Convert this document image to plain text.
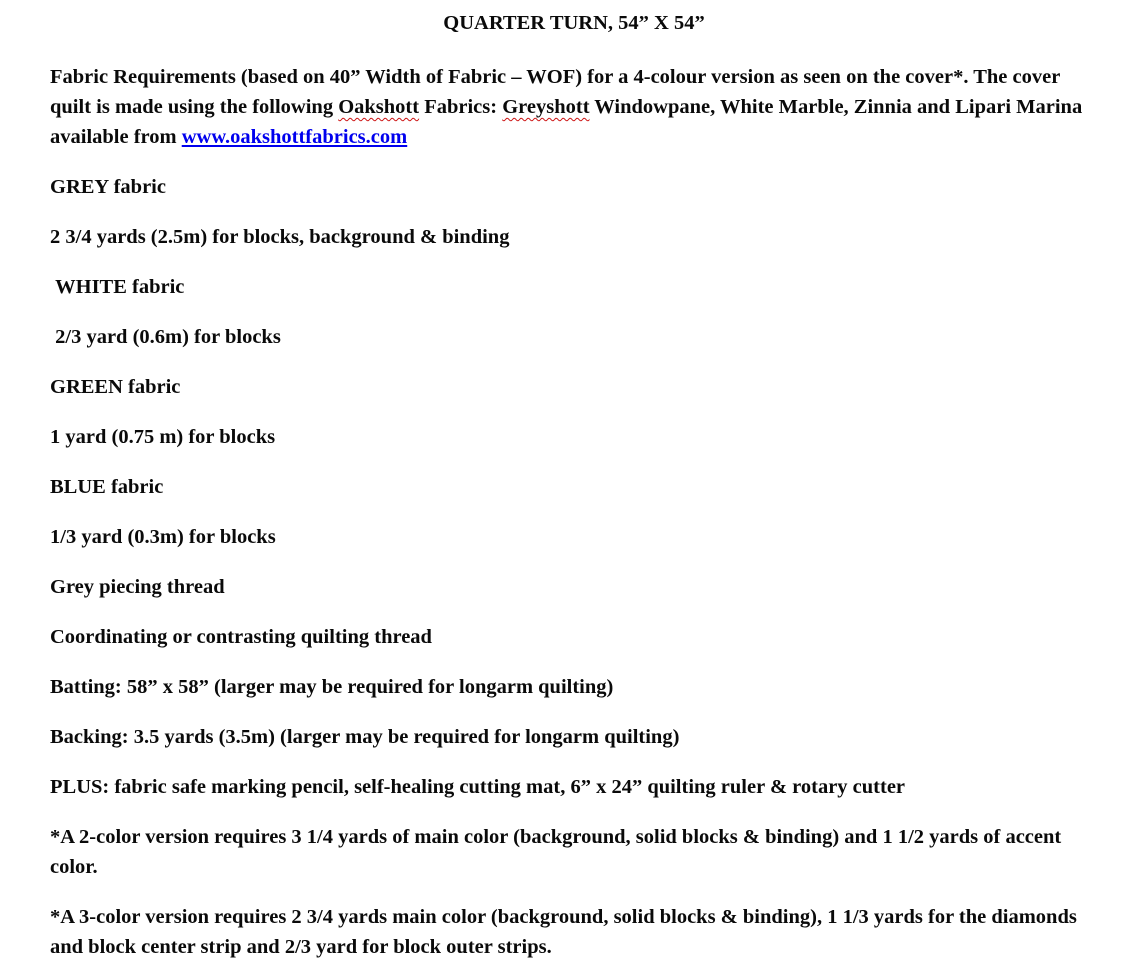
QUARTER TURN, 54” X 54”

Fabric Requirements (based on 40” Width of Fabric – WOF) for a 4-colour version as seen on the cover*. The cover quilt is made using the following Oakshott Fabrics: Greyshott Windowpane, White Marble, Zinnia and Lipari Marina available from www.oakshottfabrics.com

GREY fabric

2 3/4 yards (2.5m) for blocks, background & binding

WHITE fabric

2/3 yard (0.6m) for blocks

GREEN fabric

1 yard (0.75 m) for blocks

BLUE fabric

1/3 yard (0.3m) for blocks

Grey piecing thread

Coordinating or contrasting quilting thread

Batting: 58” x 58” (larger may be required for longarm quilting)

Backing: 3.5 yards (3.5m) (larger may be required for longarm quilting)

PLUS: fabric safe marking pencil, self-healing cutting mat, 6” x 24” quilting ruler & rotary cutter

*A 2-color version requires 3 1/4 yards of main color (background, solid blocks & binding) and 1 1/2 yards of accent color.

*A 3-color version requires 2 3/4 yards main color (background, solid blocks & binding), 1 1/3 yards for the diamonds and block center strip and 2/3 yard for block outer strips.
